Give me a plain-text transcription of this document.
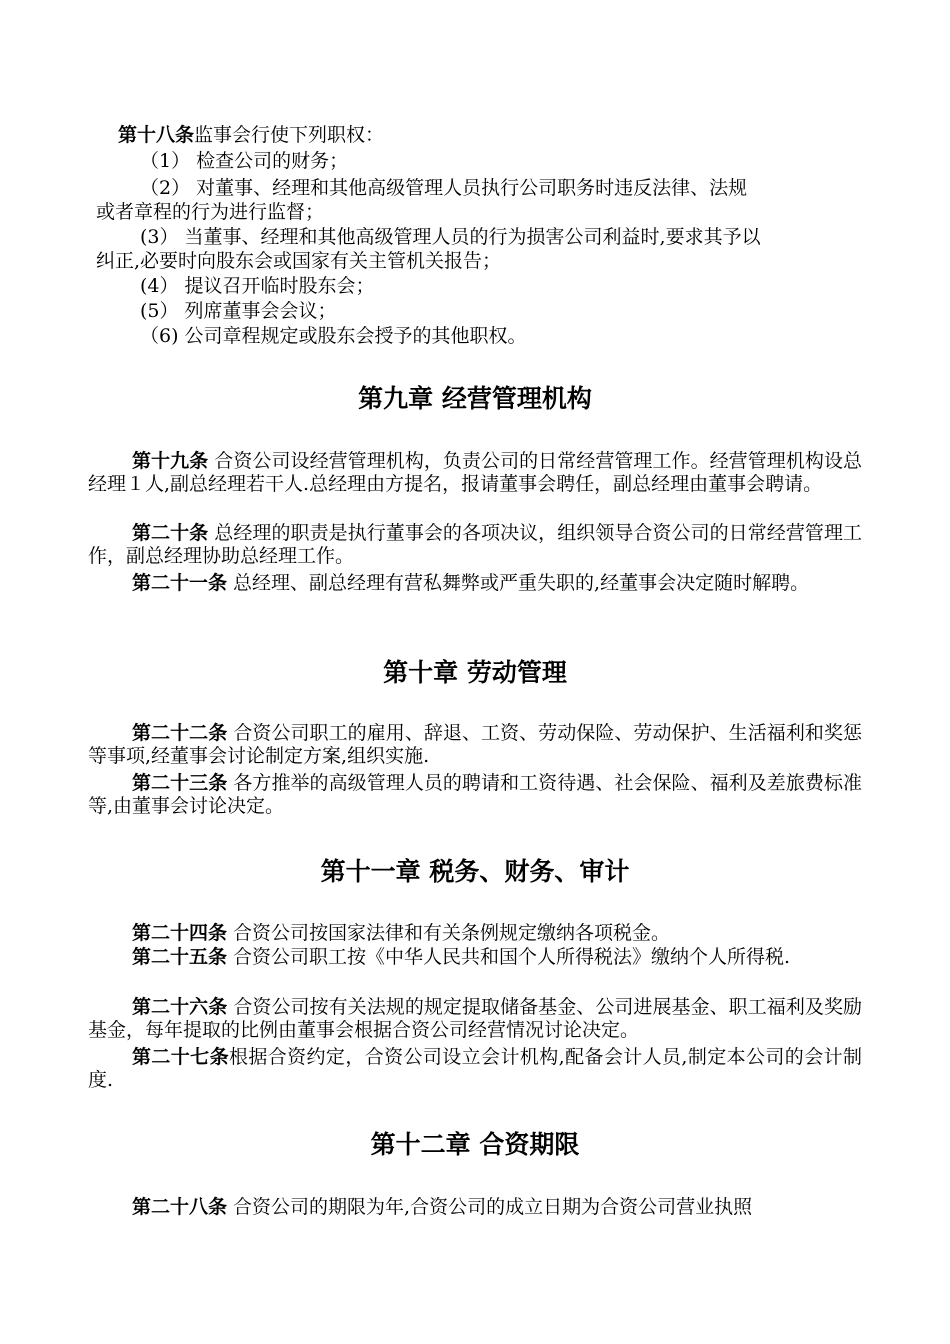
第十八条监事会行使下列职权：

（1） 检查公司的财务；

（2） 对董事、经理和其他高级管理人员执行公司职务时违反法律、法规

或者章程的行为进行监督；

(3） 当董事、经理和其他高级管理人员的行为损害公司利益时,要求其予以

纠正,必要时向股东会或国家有关主管机关报告；

(4） 提议召开临时股东会；

(5） 列席董事会会议；

（6) 公司章程规定或股东会授予的其他职权。

第九章 经营管理机构

第十九条 合资公司设经营管理机构，负责公司的日常经营管理工作。经营管理机构设总经理１人,副总经理若干人.总经理由方提名，报请董事会聘任，副总经理由董事会聘请。

第二十条 总经理的职责是执行董事会的各项决议，组织领导合资公司的日常经营管理工作，副总经理协助总经理工作。

第二十一条 总经理、副总经理有营私舞弊或严重失职的,经董事会决定随时解聘。

第十章 劳动管理

第二十二条 合资公司职工的雇用、辞退、工资、劳动保险、劳动保护、生活福利和奖惩等事项,经董事会讨论制定方案,组织实施.

第二十三条 各方推举的高级管理人员的聘请和工资待遇、社会保险、福利及差旅费标准等,由董事会讨论决定。

第十一章 税务、财务、审计

第二十四条 合资公司按国家法律和有关条例规定缴纳各项税金。

第二十五条 合资公司职工按《中华人民共和国个人所得税法》缴纳个人所得税.

第二十六条 合资公司按有关法规的规定提取储备基金、公司进展基金、职工福利及奖励基金，每年提取的比例由董事会根据合资公司经营情况讨论决定。

第二十七条根据合资约定，合资公司设立会计机构,配备会计人员,制定本公司的会计制度.

第十二章 合资期限

第二十八条 合资公司的期限为年,合资公司的成立日期为合资公司营业执照
